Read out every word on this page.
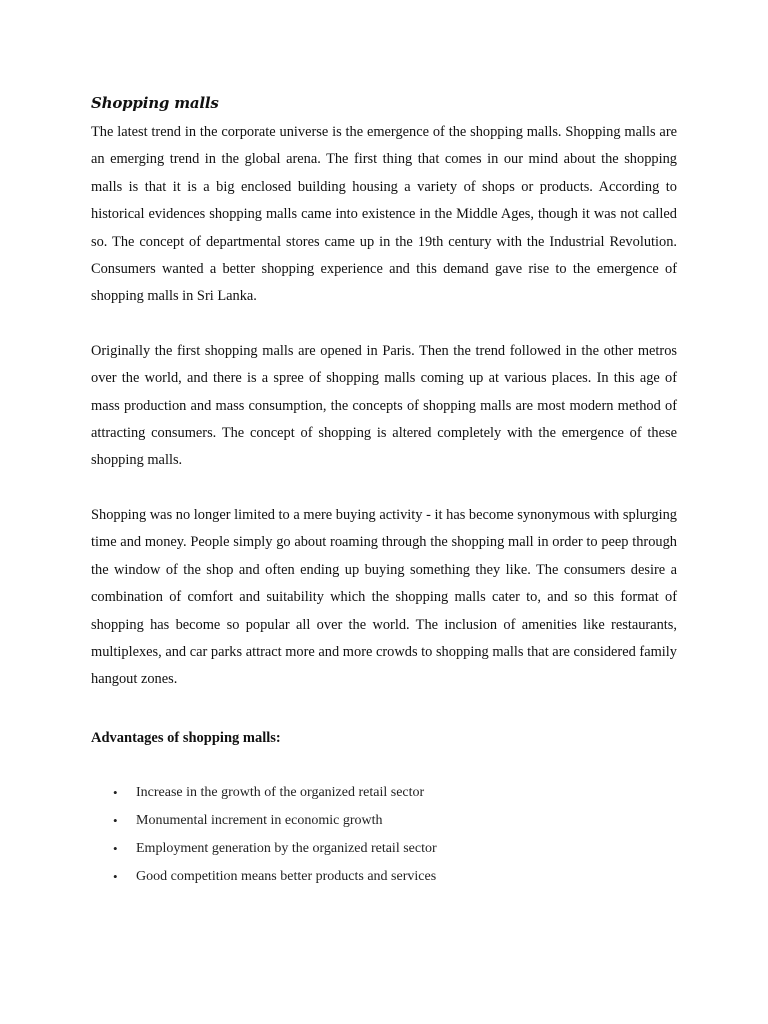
Shopping malls

The latest trend in the corporate universe is the emergence of the shopping malls. Shopping malls are an emerging trend in the global arena. The first thing that comes in our mind about the shopping malls is that it is a big enclosed building housing a variety of shops or products. According to historical evidences shopping malls came into existence in the Middle Ages, though it was not called so. The concept of departmental stores came up in the 19th century with the Industrial Revolution. Consumers wanted a better shopping experience and this demand gave rise to the emergence of shopping malls in Sri Lanka.

Originally the first shopping malls are opened in Paris. Then the trend followed in the other metros over the world, and there is a spree of shopping malls coming up at various places. In this age of mass production and mass consumption, the concepts of shopping malls are most modern method of attracting consumers. The concept of shopping is altered completely with the emergence of these shopping malls.

Shopping was no longer limited to a mere buying activity - it has become synonymous with splurging time and money. People simply go about roaming through the shopping mall in order to peep through the window of the shop and often ending up buying something they like. The consumers desire a combination of comfort and suitability which the shopping malls cater to, and so this format of shopping has become so popular all over the world. The inclusion of amenities like restaurants, multiplexes, and car parks attract more and more crowds to shopping malls that are considered family hangout zones.

Advantages of shopping malls:
• Increase in the growth of the organized retail sector
• Monumental increment in economic growth
• Employment generation by the organized retail sector
• Good competition means better products and services
